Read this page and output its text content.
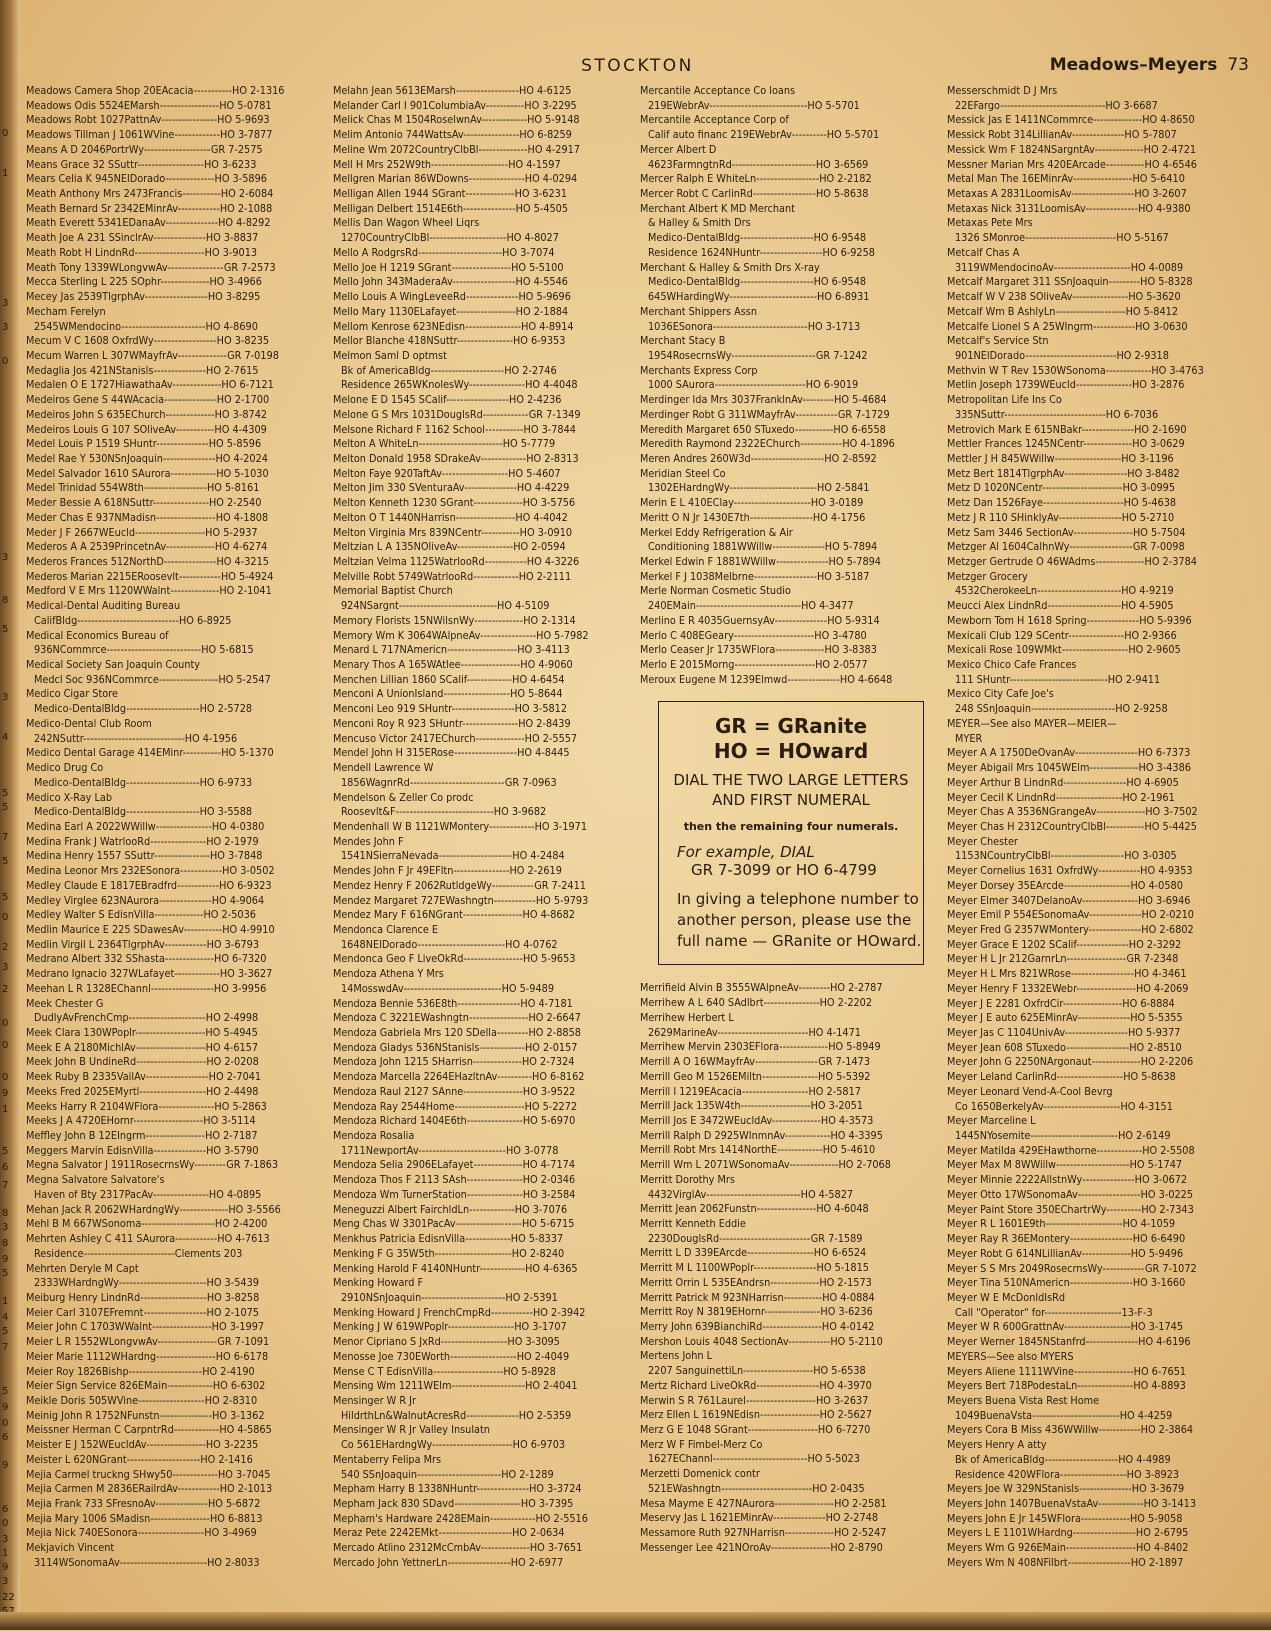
0
1
3
3
0
3
8
5
3
4
5
5
7
5
5
0
2
3
2
0
0
0
9
1
5
6
7
8
3
8
9
5
1
4
5
7
5
9
0
6
9
6
0
3
1
9
3
22
STOCKTON	Meadows–Meyers 73
Meadows Camera Shop 20EAcacia-----------HO 2-1316
Meadows Odis 5524EMarsh-----------------HO 5-0781
Meadows Robt 1027PattnAv----------------HO 5-9693
Meadows Tillman J 1061WVine-------------HO 3-7877
Means A D 2046PortrWy-------------------GR 7-2575
Means Grace 32 SSuttr-------------------HO 3-6233
Mears Celia K 945NElDorado--------------HO 3-5896
Meath Anthony Mrs 2473Francis-----------HO 2-6084
Meath Bernard Sr 2342EMinrAv------------HO 2-1088
Meath Everett 5341EDanaAv---------------HO 4-8292
Meath Joe A 231 SSinclrAv---------------HO 3-8837
Meath Robt H LindnRd--------------------HO 3-9013
Meath Tony 1339WLongvwAv----------------GR 7-2573
Mecca Sterling L 225 SOphr--------------HO 3-4966
Mecey Jas 2539TlgrphAv------------------HO 3-8295
Mecham Ferelyn
2545WMendocino------------------------HO 4-8690
Mecum V C 1608 OxfrdWy------------------HO 3-8235
Mecum Warren L 307WMayfrAv--------------GR 7-0198
Medaglia Jos 421NStanisls---------------HO 2-7615
Medalen O E 1727HiawathaAv--------------HO 6-7121
Medeiros Gene S 44WAcacia---------------HO 2-1700
Medeiros John S 635EChurch--------------HO 3-8742
Medeiros Louis G 107 SOliveAv-----------HO 4-4309
Medel Louis P 1519 SHuntr---------------HO 5-8596
Medel Rae Y 530NSnJoaquin---------------HO 4-2024
Medel Salvador 1610 SAurora-------------HO 5-1030
Medel Trinidad 554W8th------------------HO 5-8161
Meder Bessie A 618NSuttr----------------HO 2-2540
Meder Chas E 937NMadisn-----------------HO 4-1808
Meder J F 2667WEucld--------------------HO 5-2937
Mederos A A 2539PrincetnAv--------------HO 4-6274
Mederos Frances 512NorthD---------------HO 4-3215
Mederos Marian 2215ERoosevlt------------HO 5-4924
Medford V E Mrs 1120WWalnt--------------HO 2-1041
Medical-Dental Auditing Bureau
CalifBldg-----------------------------HO 6-8925
Medical Economics Bureau of
936NCommrce---------------------------HO 5-6815
Medical Society San Joaquin County
Medcl Soc 936NCommrce-----------------HO 5-2547
Medico Cigar Store
Medico-DentalBldg---------------------HO 2-5728
Medico-Dental Club Room
242NSuttr-----------------------------HO 4-1956
Medico Dental Garage 414EMinr-----------HO 5-1370
Medico Drug Co
Medico-DentalBldg---------------------HO 6-9733
Medico X-Ray Lab
Medico-DentalBldg---------------------HO 3-5588
Medina Earl A 2022WWillw----------------HO 4-0380
Medina Frank J WatrlooRd----------------HO 2-1979
Medina Henry 1557 SSuttr----------------HO 3-7848
Medina Leonor Mrs 232ESonora------------HO 3-0502
Medley Claude E 1817EBradfrd------------HO 6-9323
Medley Virglee 623NAurora---------------HO 4-9064
Medley Walter S EdisnVilla--------------HO 2-5036
Medlin Maurice E 225 SDawesAv-----------HO 4-9910
Medlin Virgil L 2364TlgrphAv------------HO 3-6793
Medrano Albert 332 SShasta--------------HO 6-7320
Medrano Ignacio 327WLafayet-------------HO 3-3627
Meehan L R 1328EChannl------------------HO 3-9956
Meek Chester G
DudlyAvFrenchCmp----------------------HO 2-4998
Meek Clara 130WPoplr--------------------HO 5-4945
Meek E A 2180MichlAv--------------------HO 4-6157
Meek John B UndineRd--------------------HO 2-0208
Meek Ruby B 2335VailAv------------------HO 2-7041
Meeks Fred 2025EMyrtl-------------------HO 2-4498
Meeks Harry R 2104WFlora----------------HO 5-2863
Meeks J A 4720EHornr--------------------HO 3-5114
Meffley John B 12EIngrm-----------------HO 2-7187
Meggers Marvin EdisnVilla---------------HO 3-5790
Megna Salvator J 1911RosecrnsWy---------GR 7-1863
Megna Salvatore Salvatore's
Haven of Bty 2317PacAv----------------HO 4-0895
Mehan Jack R 2062WHardngWy--------------HO 3-5566
Mehl B M 667WSonoma---------------------HO 2-4200
Mehrten Ashley C 411 SAurora------------HO 4-7613
Residence--------------------------Clements 203
Mehrten Deryle M Capt
2333WHardngWy-------------------------HO 3-5439
Meiburg Henry LindnRd-------------------HO 3-8258
Meier Carl 3107EFremnt------------------HO 2-1075
Meier John C 1703WWalnt-----------------HO 3-1997
Meier L R 1552WLongvwAv-----------------GR 7-1091
Meier Marie 1112WHardng-----------------HO 6-6178
Meier Roy 1826Bishp---------------------HO 2-4190
Meier Sign Service 826EMain-------------HO 6-6302
Meikle Doris 505WVine-------------------HO 2-8310
Meinig John R 1752NFunstn---------------HO 3-1362
Meissner Herman C CarpntrRd-------------HO 4-5865
Meister E J 152WEucldAv-----------------HO 3-2235
Meister L 620NGrant---------------------HO 2-1416
Mejia Carmel truckng SHwy50-------------HO 3-7045
Mejia Carmen M 2836ERailrdAv------------HO 2-1013
Mejia Frank 733 SFresnoAv---------------HO 5-6872
Mejia Mary 1006 SMadisn-----------------HO 6-8813
Mejia Nick 740ESonora-------------------HO 3-4969
Mekjavich Vincent
3114WSonomaAv-------------------------HO 2-8033
Melahn Jean 5613EMarsh------------------HO 4-6125
Melander Carl I 901ColumbiaAv-----------HO 3-2295
Melick Chas M 1504RoselwnAv-------------HO 5-9148
Melim Antonio 744WattsAv----------------HO 6-8259
Meline Wm 2072CountryClbBl--------------HO 4-2917
Mell H Mrs 252W9th----------------------HO 4-1597
Mellgren Marian 86WDowns----------------HO 4-0294
Melligan Allen 1944 SGrant--------------HO 3-6231
Melligan Delbert 1514E6th---------------HO 5-4505
Mellis Dan Wagon Wheel Liqrs
1270CountryClbBl----------------------HO 4-8027
Mello A RodgrsRd------------------------HO 3-7074
Mello Joe H 1219 SGrant-----------------HO 5-5100
Mello John 343MaderaAv------------------HO 4-5546
Mello Louis A WingLeveeRd---------------HO 5-9696
Mello Mary 1130ELafayet-----------------HO 2-1884
Mellom Kenrose 623NEdisn----------------HO 4-8914
Mellor Blanche 418NSuttr----------------HO 6-9353
Melmon Saml D optmst
Bk of AmericaBldg---------------------HO 2-2746
Residence 265WKnolesWy----------------HO 4-4048
Melone E D 1545 SCalif------------------HO 2-4236
Melone G S Mrs 1031DouglsRd-------------GR 7-1349
Melsone Richard F 1162 School-----------HO 3-7844
Melton A WhiteLn------------------------HO 5-7779
Melton Donald 1958 SDrakeAv-------------HO 2-8313
Melton Faye 920TaftAv-------------------HO 5-4607
Melton Jim 330 SVenturaAv---------------HO 4-4229
Melton Kenneth 1230 SGrant--------------HO 3-5756
Melton O T 1440NHarrisn-----------------HO 4-4042
Melton Virginia Mrs 839NCentr-----------HO 3-0910
Meltzian L A 135NOliveAv----------------HO 2-0594
Meltzian Velma 1125WatrlooRd------------HO 4-3226
Melville Robt 5749WatrlooRd-------------HO 2-2111
Memorial Baptist Church
924NSargnt----------------------------HO 4-5109
Memory Florists 15NWilsnWy--------------HO 2-1314
Memory Wm K 3064WAlpneAv----------------HO 5-7982
Menard L 717NAmericn--------------------HO 3-4113
Menary Thos A 165WAtlee-----------------HO 4-9060
Menchen Lillian 1860 SCalif-------------HO 4-6454
Menconi A UnionIsland-------------------HO 5-8644
Menconi Leo 919 SHuntr------------------HO 3-5812
Menconi Roy R 923 SHuntr----------------HO 2-8439
Mencuso Victor 2417EChurch--------------HO 2-5557
Mendel John H 315ERose------------------HO 4-8445
Mendell Lawrence W
1856WagnrRd---------------------------GR 7-0963
Mendelson & Zeller Co prodc
Roosevlt&F----------------------------HO 3-9682
Mendenhall W B 1121WMontery-------------HO 3-1971
Mendes John F
1541NSierraNevada---------------------HO 4-2484
Mendes John F Jr 49EFltn----------------HO 2-2619
Mendez Henry F 2062RutldgeWy------------GR 7-2411
Mendez Margaret 727EWashngtn------------HO 5-9793
Mendez Mary F 616NGrant-----------------HO 4-8682
Mendonca Clarence E
1648NElDorado-------------------------HO 4-0762
Mendonca Geo F LiveOkRd-----------------HO 5-9653
Mendoza Athena Y Mrs
14MosswdAv----------------------------HO 5-9489
Mendoza Bennie 536E8th------------------HO 4-7181
Mendoza C 3221EWashngtn-----------------HO 2-6647
Mendoza Gabriela Mrs 120 SDella---------HO 2-8858
Mendoza Gladys 536NStanisls-------------HO 2-0157
Mendoza John 1215 SHarrisn--------------HO 2-7324
Mendoza Marcella 2264EHazltnAv----------HO 6-8162
Mendoza Raul 2127 SAnne-----------------HO 3-9522
Mendoza Ray 2544Home--------------------HO 5-2272
Mendoza Richard 1404E6th----------------HO 5-6970
Mendoza Rosalia
1711NewportAv-------------------------HO 3-0778
Mendoza Selia 2906ELafayet--------------HO 4-7174
Mendoza Thos F 2113 SAsh----------------HO 2-0346
Mendoza Wm TurnerStation----------------HO 3-2584
Meneguzzi Albert FairchldLn-------------HO 3-7076
Meng Chas W 3301PacAv-------------------HO 5-6715
Menkhus Patricia EdisnVilla-------------HO 5-8337
Menking F G 35W5th----------------------HO 2-8240
Menking Harold F 4140NHuntr-------------HO 4-6365
Menking Howard F
2910NSnJoaquin------------------------HO 2-5391
Menking Howard J FrenchCmpRd------------HO 2-3942
Menking J W 619WPoplr-------------------HO 3-1707
Menor Cipriano S JxRd-------------------HO 3-3095
Menosse Joe 730EWorth-------------------HO 2-4049
Mense C T EdisnVilla--------------------HO 5-8928
Mensing Wm 1211WElm---------------------HO 2-4041
Mensinger W R Jr
HildrthLn&WalnutAcresRd---------------HO 2-5359
Mensinger W R Jr Valley Insulatn
Co 561EHardngWy-----------------------HO 6-9703
Mentaberry Felipa Mrs
540 SSnJoaquin------------------------HO 2-1289
Mepham Harry B 1338NHuntr---------------HO 3-3724
Mepham Jack 830 SDavd-------------------HO 3-7395
Mepham's Hardware 2428EMain-------------HO 2-5516
Meraz Pete 2242EMkt---------------------HO 2-0634
Mercado Atlino 2312McCmbAv--------------HO 3-7651
Mercado John YettnerLn------------------HO 2-6977
Mercantile Acceptance Co loans
219EWebrAv----------------------------HO 5-5701
Mercantile Acceptance Corp of
Calif auto financ 219EWebrAv----------HO 5-5701
Mercer Albert D
4623FarmngtnRd------------------------HO 3-6569
Mercer Ralph E WhiteLn------------------HO 2-2182
Mercer Robt C CarlinRd------------------HO 5-8638
Merchant Albert K MD Merchant
& Halley & Smith Drs
Medico-DentalBldg---------------------HO 6-9548
Residence 1624NHuntr------------------HO 6-9258
Merchant & Halley & Smith Drs X-ray
Medico-DentalBldg---------------------HO 6-9548
645WHardingWy-------------------------HO 6-8931
Merchant Shippers Assn
1036ESonora---------------------------HO 3-1713
Merchant Stacy B
1954RosecrnsWy------------------------GR 7-1242
Merchants Express Corp
1000 SAurora--------------------------HO 6-9019
Merdinger Ida Mrs 3037FranklnAv---------HO 5-4684
Merdinger Robt G 311WMayfrAv------------GR 7-1729
Meredith Margaret 650 STuxedo-----------HO 6-6558
Meredith Raymond 2322EChurch------------HO 4-1896
Meren Andres 260W3d---------------------HO 2-8592
Meridian Steel Co
1302EHardngWy-------------------------HO 2-5841
Merin E L 410EClay----------------------HO 3-0189
Meritt O N Jr 1430E7th------------------HO 4-1756
Merkel Eddy Refrigeration & Air
Conditioning 1881WWillw---------------HO 5-7894
Merkel Edwin F 1881WWillw---------------HO 5-7894
Merkel F J 1038Melbrne------------------HO 3-5187
Merle Norman Cosmetic Studio
240EMain------------------------------HO 4-3477
Merlino E R 4035GuernsyAv---------------HO 5-9314
Merlo C 408EGeary-----------------------HO 3-4780
Merlo Ceaser Jr 1735WFlora--------------HO 3-8383
Merlo E 2015Morng-----------------------HO 2-0577
Meroux Eugene M 1239Elmwd---------------HO 4-6648
GR = GRanite
HO = HOward
DIAL THE TWO LARGE LETTERS
AND FIRST NUMERAL
then the remaining four numerals.
For example, DIAL
GR 7-3099 or HO 6-4799
In giving a telephone number to another person, please use the full name — GRanite or HOward.
Merrifield Alvin B 3555WAlpneAv---------HO 2-2787
Merrihew A L 640 SAdlbrt----------------HO 2-2202
Merrihew Herbert L
2629MarineAv--------------------------HO 4-1471
Merrihew Mervin 2303EFlora--------------HO 5-8949
Merrill A O 16WMayfrAv------------------GR 7-1473
Merrill Geo M 1526EMiltn----------------HO 5-5392
Merrill I 1219EAcacia-------------------HO 2-5817
Merrill Jack 135W4th--------------------HO 3-2051
Merrill Jos E 3472WEucldAv--------------HO 4-3573
Merrill Ralph D 2925WInmnAv-------------HO 4-3395
Merrill Robt Mrs 1414NorthE-------------HO 5-4610
Merrill Wm L 2071WSonomaAv--------------HO 2-7068
Merritt Dorothy Mrs
4432VirglAv---------------------------HO 4-5827
Merritt Jean 2062Funstn-----------------HO 4-6048
Merritt Kenneth Eddie
2230DouglsRd--------------------------GR 7-1589
Merritt L D 339EArcde-------------------HO 6-6524
Merritt M L 1100WPoplr------------------HO 5-1815
Merritt Orrin L 535EAndrsn--------------HO 2-1573
Merritt Patrick M 923NHarrisn-----------HO 4-0884
Merritt Roy N 3819EHornr----------------HO 3-6236
Merry John 639BianchiRd-----------------HO 4-0142
Mershon Louis 4048 SectionAv------------HO 5-2110
Mertens John L
2207 SanguinettiLn--------------------HO 5-6538
Mertz Richard LiveOkRd------------------HO 4-3970
Merwin S R 761Laurel--------------------HO 3-2637
Merz Ellen L 1619NEdisn-----------------HO 2-5627
Merz G E 1048 SGrant--------------------HO 6-7270
Merz W F Fimbel-Merz Co
1627EChannl---------------------------HO 5-5023
Merzetti Domenick contr
521EWashngtn--------------------------HO 2-0435
Mesa Mayme E 427NAurora-----------------HO 2-2581
Meservy Jas L 1621EMinrAv---------------HO 2-2748
Messamore Ruth 927NHarrisn--------------HO 2-5247
Messenger Lee 421NOroAv-----------------HO 2-8790
Messerschmidt D J Mrs
22EFargo------------------------------HO 3-6687
Messick Jas E 1411NCommrce--------------HO 4-8650
Messick Robt 314LillianAv---------------HO 5-7807
Messick Wm F 1824NSargntAv--------------HO 2-4721
Messner Marian Mrs 420EArcade-----------HO 4-6546
Metal Man The 16EMinrAv-----------------HO 5-6410
Metaxas A 2831LoomisAv------------------HO 3-2607
Metaxas Nick 3131LoomisAv---------------HO 4-9380
Metaxas Pete Mrs
1326 SMonroe--------------------------HO 5-5167
Metcalf Chas A
3119WMendocinoAv----------------------HO 4-0089
Metcalf Margaret 311 SSnJoaquin---------HO 5-8328
Metcalf W V 238 SOliveAv----------------HO 5-3620
Metcalf Wm B AshlyLn--------------------HO 5-8412
Metcalfe Lionel S A 25WIngrm------------HO 3-0630
Metcalf's Service Stn
901NElDorado--------------------------HO 2-9318
Methvin W T Rev 1530WSonoma-------------HO 3-4763
Metlin Joseph 1739WEucld----------------HO 3-2876
Metropolitan Life Ins Co
335NSuttr-----------------------------HO 6-7036
Metrovich Mark E 615NBakr---------------HO 2-1690
Mettler Frances 1245NCentr--------------HO 3-0629
Mettler J H 845WWillw-------------------HO 3-1196
Metz Bert 1814TlgrphAv------------------HO 3-8482
Metz D 1020NCentr-----------------------HO 3-0995
Metz Dan 1526Faye-----------------------HO 5-4638
Metz J R 110 SHinklyAv------------------HO 5-2710
Metz Sam 3446 SectionAv-----------------HO 5-7504
Metzger Al 1604CalhnWy------------------GR 7-0098
Metzger Gertrude O 46WAdms--------------HO 2-3784
Metzger Grocery
4532CherokeeLn------------------------HO 4-9219
Meucci Alex LindnRd---------------------HO 4-5905
Mewborn Tom H 1618 Spring---------------HO 5-9396
Mexicali Club 129 SCentr----------------HO 2-9366
Mexicali Rose 109WMkt-------------------HO 2-9605
Mexico Chico Cafe Frances
111 SHuntr----------------------------HO 2-9411
Mexico City Cafe Joe's
248 SSnJoaquin------------------------HO 2-9258
MEYER—See also MAYER—MEIER—
MYER
Meyer A A 1750DeOvanAv------------------HO 6-7373
Meyer Abigail Mrs 1045WElm--------------HO 3-4386
Meyer Arthur B LindnRd------------------HO 4-6905
Meyer Cecil K LindnRd-------------------HO 2-1961
Meyer Chas A 3536NGrangeAv--------------HO 3-7502
Meyer Chas H 2312CountryClbBl-----------HO 5-4425
Meyer Chester
1153NCountryClbBl---------------------HO 3-0305
Meyer Cornelius 1631 OxfrdWy------------HO 4-9353
Meyer Dorsey 35EArcde-------------------HO 4-0580
Meyer Elmer 3407DelanoAv----------------HO 3-6946
Meyer Emil P 554ESonomaAv---------------HO 2-0210
Meyer Fred G 2357WMontery---------------HO 2-6802
Meyer Grace E 1202 SCalif---------------HO 2-3292
Meyer H L Jr 212GarnrLn-----------------GR 7-2348
Meyer H L Mrs 821WRose------------------HO 4-3461
Meyer Henry F 1332EWebr-----------------HO 4-2069
Meyer J E 2281 OxfrdCir-----------------HO 6-8884
Meyer J E auto 625EMinrAv---------------HO 5-5355
Meyer Jas C 1104UnivAv------------------HO 5-9377
Meyer Jean 608 STuxedo------------------HO 2-8510
Meyer John G 2250NArgonaut--------------HO 2-2206
Meyer Leland CarlinRd-------------------HO 5-8638
Meyer Leonard Vend-A-Cool Bevrg
Co 1650BerkelyAv----------------------HO 4-3151
Meyer Marceline L
1445NYosemite-------------------------HO 2-6149
Meyer Matilda 429EHawthorne-------------HO 2-5508
Meyer Max M 8WWillw---------------------HO 5-1747
Meyer Minnie 2222AllstnWy---------------HO 3-0672
Meyer Otto 17WSonomaAv------------------HO 3-0225
Meyer Paint Store 350EChartrWy----------HO 2-7343
Meyer R L 1601E9th----------------------HO 4-1059
Meyer Ray R 36EMontery------------------HO 6-6490
Meyer Robt G 614NLillianAv--------------HO 5-9496
Meyer S S Mrs 2049RosecrnsWy------------GR 7-1072
Meyer Tina 510NAmericn------------------HO 3-1660
Meyer W E McDonldIsRd
Call "Operator" for----------------------13-F-3
Meyer W R 600GrattnAv-------------------HO 3-1745
Meyer Werner 1845NStanfrd---------------HO 4-6196
MEYERS—See also MYERS
Meyers Aliene 1111WVine-----------------HO 6-7651
Meyers Bert 718PodestaLn----------------HO 4-8893
Meyers Buena Vista Rest Home
1049BuenaVsta-------------------------HO 4-4259
Meyers Cora B Miss 436WWillw------------HO 2-3864
Meyers Henry A atty
Bk of AmericaBldg---------------------HO 4-4989
Residence 420WFlora-------------------HO 3-8923
Meyers Joe W 329NStanisls---------------HO 3-3679
Meyers John 1407BuenaVstaAv-------------HO 3-1413
Meyers John E Jr 145WFlora--------------HO 5-9058
Meyers L E 1101WHardng------------------HO 2-6795
Meyers Wm G 926EMain--------------------HO 4-8402
Meyers Wm N 408NFilbrt------------------HO 2-1897
